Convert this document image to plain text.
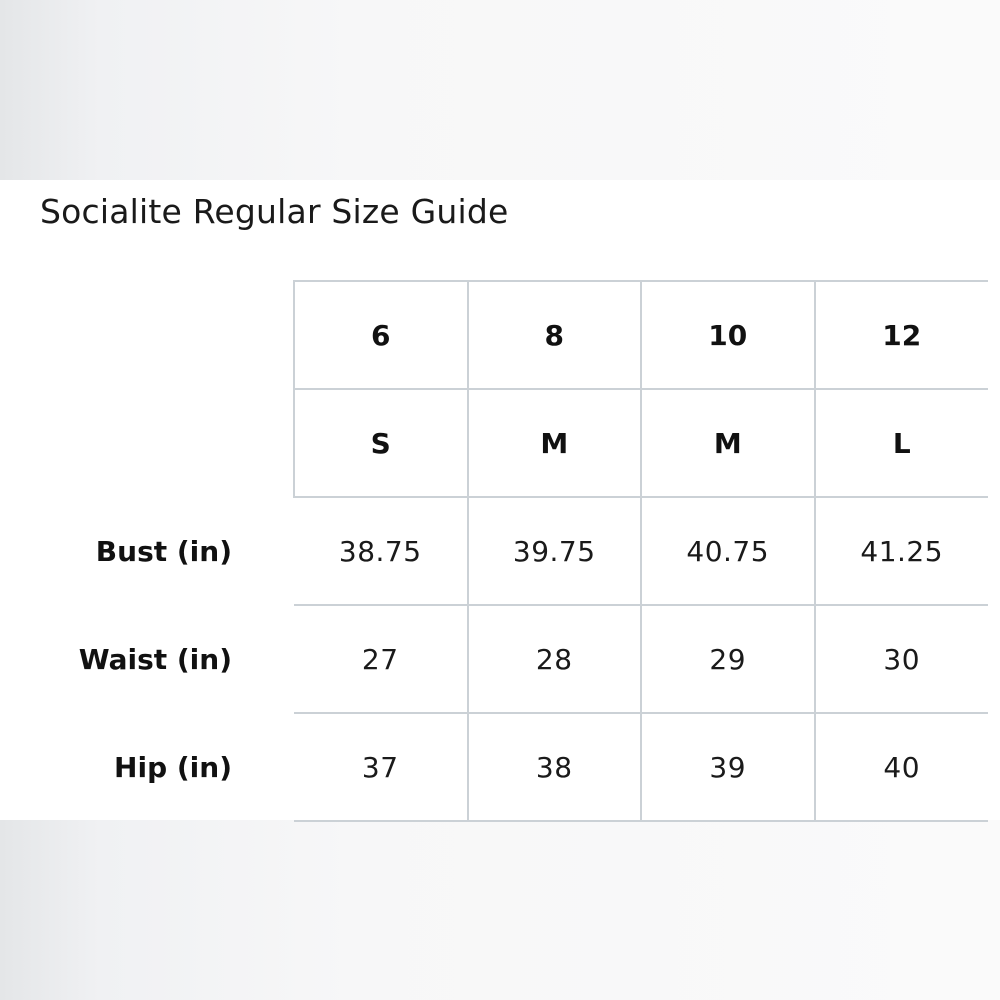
Socialite Regular Size Guide
	6	8	10	12
	S	M	M	L
Bust (in)	38.75	39.75	40.75	41.25
Waist (in)	27	28	29	30
Hip (in)	37	38	39	40
